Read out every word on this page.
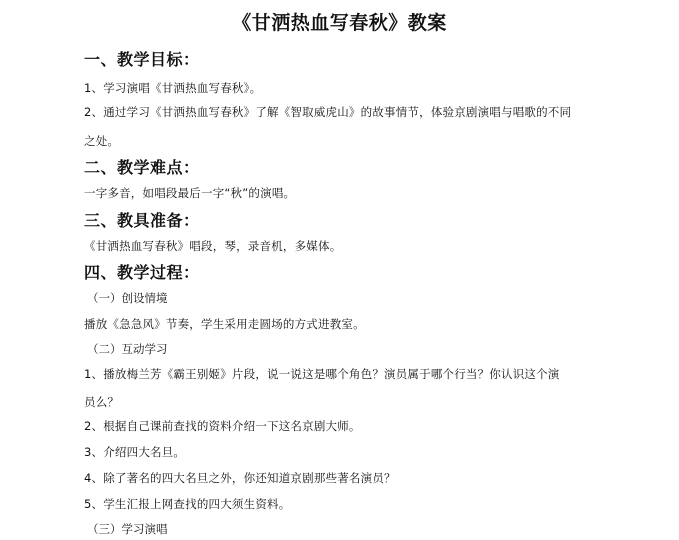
《甘洒热血写春秋》教案
一、教学目标：
1、学习演唱《甘洒热血写春秋》。
2、通过学习《甘洒热血写春秋》了解《智取威虎山》的故事情节，体验京剧演唱与唱歌的不同
之处。
二、教学难点：
一字多音，如唱段最后一字“秋”的演唱。
三、教具准备：
《甘洒热血写春秋》唱段，琴，录音机，多媒体。
四、教学过程：
（一）创设情境
播放《急急风》节奏，学生采用走圆场的方式进教室。
（二）互动学习
1、播放梅兰芳《霸王别姬》片段，说一说这是哪个角色？演员属于哪个行当？你认识这个演
员么？
2、根据自己课前查找的资料介绍一下这名京剧大师。
3、介绍四大名旦。
4、除了著名的四大名旦之外，你还知道京剧那些著名演员？
5、学生汇报上网查找的四大须生资料。
（三）学习演唱
